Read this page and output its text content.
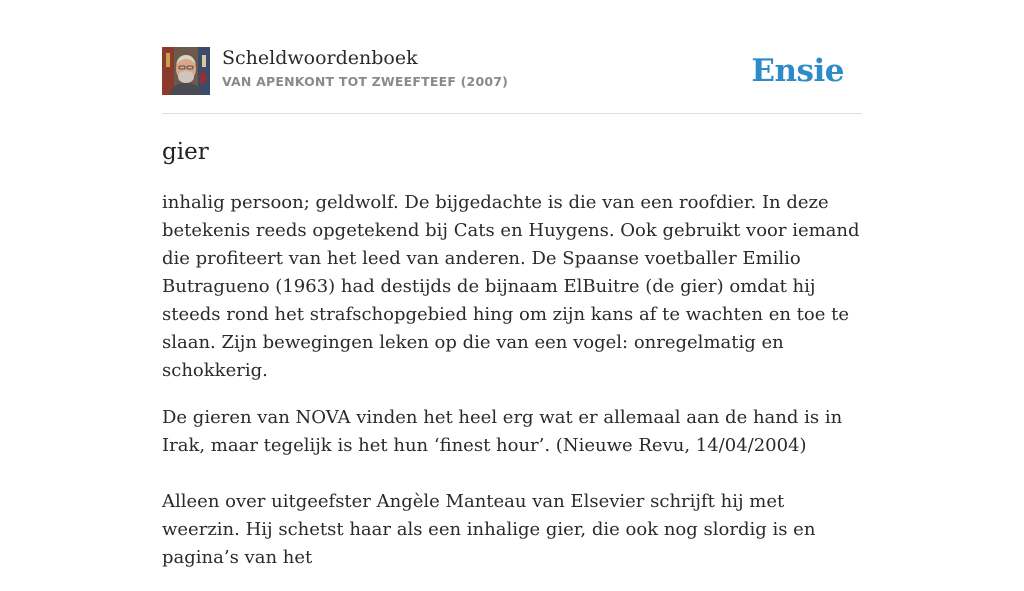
Scheldwoordenboek
VAN APENKONT TOT ZWEEFTEEF (2007)	Ensie
gier

inhalig persoon; geldwolf. De bijgedachte is die van een roofdier. In deze betekenis reeds opgetekend bij Cats en Huygens. Ook gebruikt voor iemand die profiteert van het leed van anderen. De Spaanse voetballer Emilio Butragueno (1963) had destijds de bijnaam ElBuitre (de gier) omdat hij steeds rond het strafschopgebied hing om zijn kans af te wachten en toe te slaan. Zijn bewegingen leken op die van een vogel: onregelmatig en schokkerig.

De gieren van NOVA vinden het heel erg wat er allemaal aan de hand is in Irak, maar tegelijk is het hun ‘finest hour’. (Nieuwe Revu, 14/04/2004)

Alleen over uitgeefster Angèle Manteau van Elsevier schrijft hij met weerzin. Hij schetst haar als een inhalige gier, die ook nog slordig is en pagina’s van het
